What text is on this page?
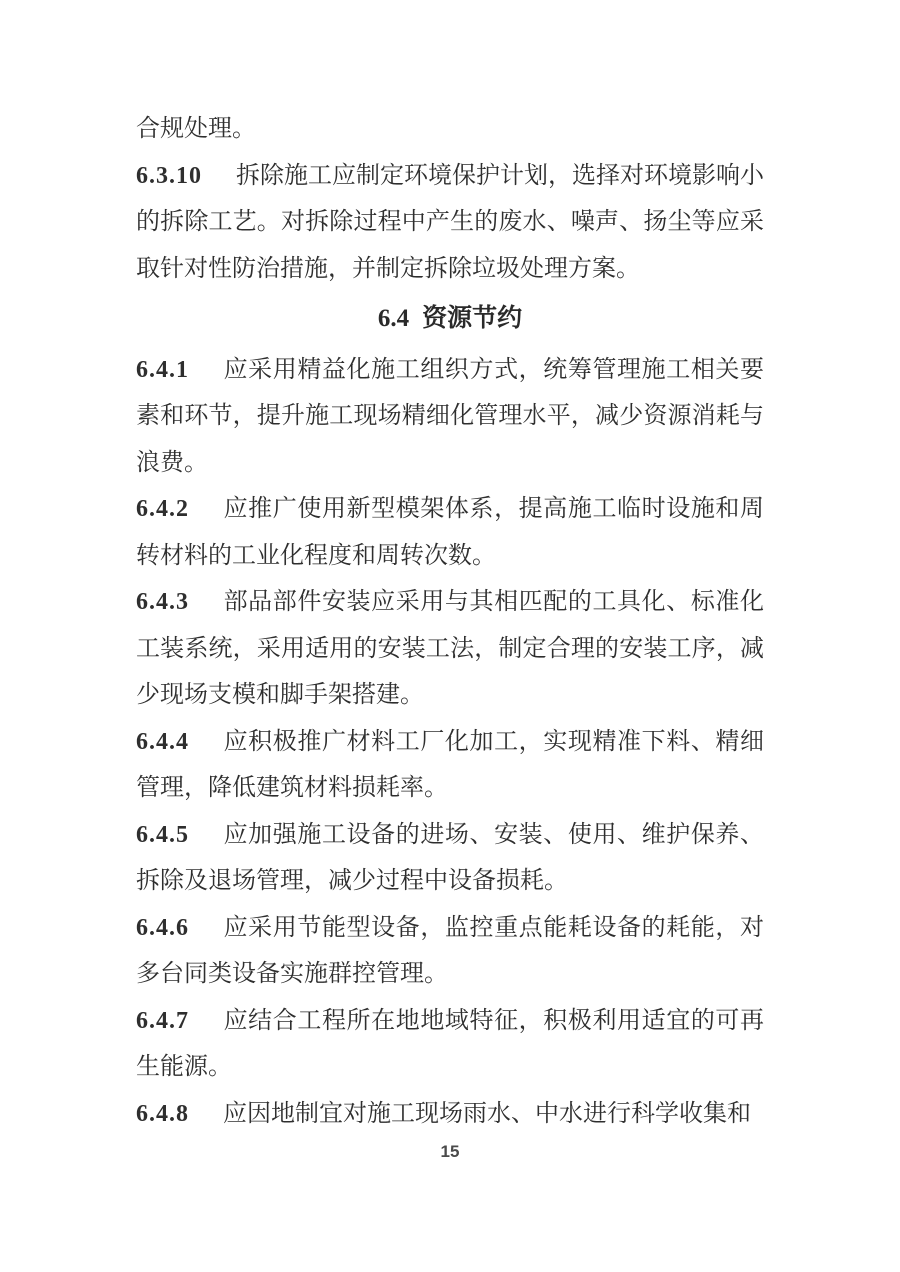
合规处理。

6.3.10 拆除施工应制定环境保护计划，选择对环境影响小的拆除工艺。对拆除过程中产生的废水、噪声、扬尘等应采取针对性防治措施，并制定拆除垃圾处理方案。

6.4 资源节约

6.4.1 应采用精益化施工组织方式，统筹管理施工相关要素和环节，提升施工现场精细化管理水平，减少资源消耗与浪费。

6.4.2 应推广使用新型模架体系，提高施工临时设施和周转材料的工业化程度和周转次数。

6.4.3 部品部件安装应采用与其相匹配的工具化、标准化工装系统，采用适用的安装工法，制定合理的安装工序，减少现场支模和脚手架搭建。

6.4.4 应积极推广材料工厂化加工，实现精准下料、精细管理，降低建筑材料损耗率。

6.4.5 应加强施工设备的进场、安装、使用、维护保养、拆除及退场管理，减少过程中设备损耗。

6.4.6 应采用节能型设备，监控重点能耗设备的耗能，对多台同类设备实施群控管理。

6.4.7 应结合工程所在地地域特征，积极利用适宜的可再生能源。

6.4.8 应因地制宜对施工现场雨水、中水进行科学收集和

15
